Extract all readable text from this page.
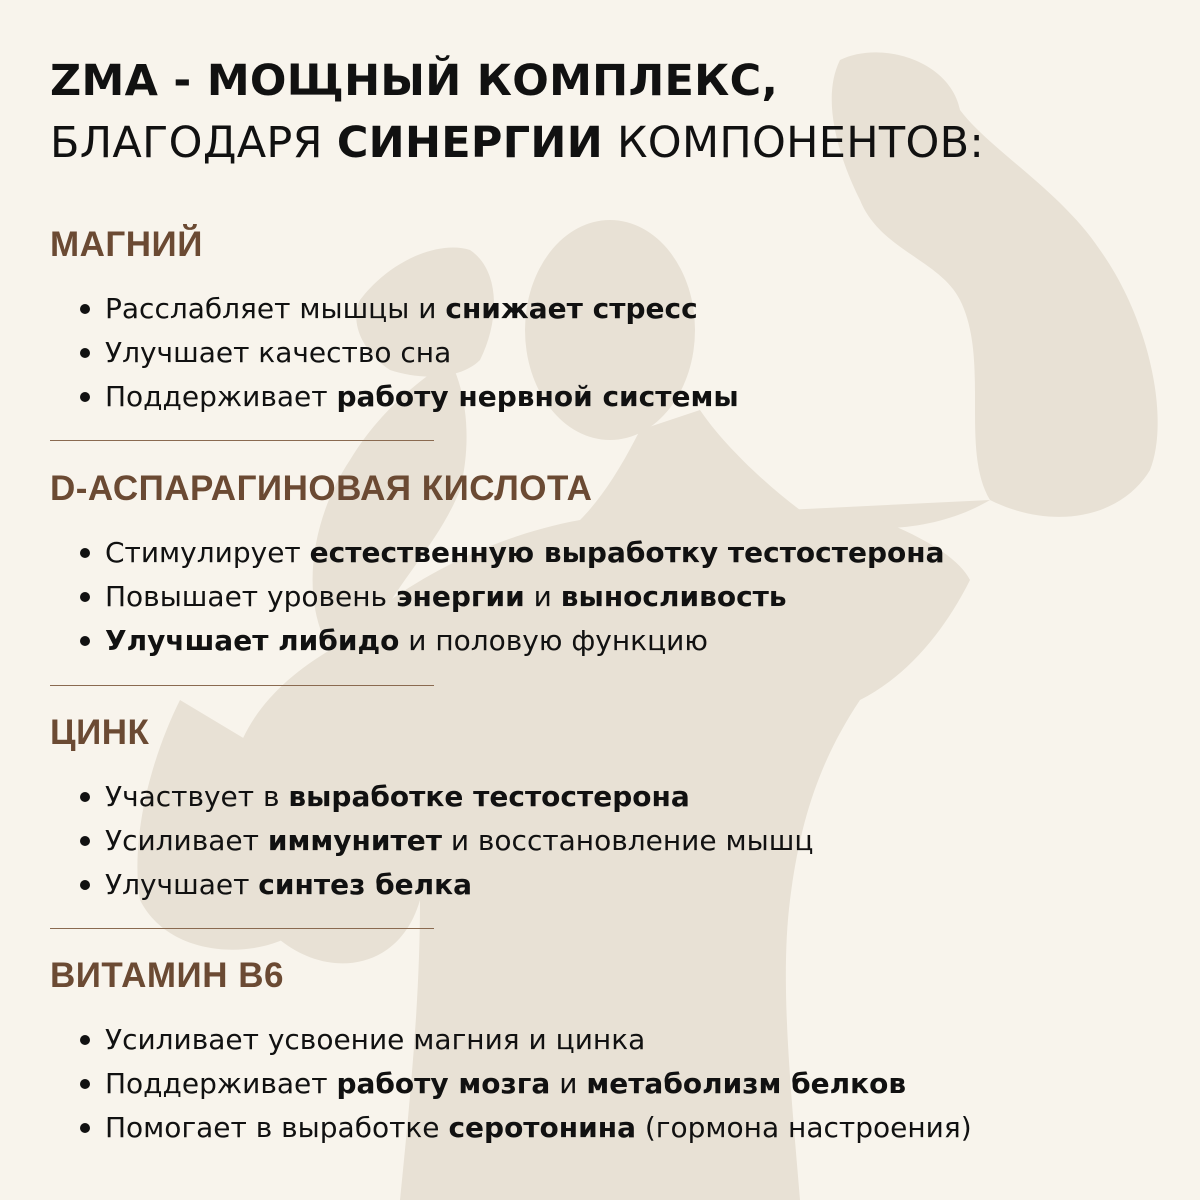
ZMA - МОЩНЫЙ КОМПЛЕКС,
БЛАГОДАРЯ СИНЕРГИИ КОМПОНЕНТОВ:
МАГНИЙ
Расслабляет мышцы и снижает стресс
Улучшает качество сна
Поддерживает работу нервной системы
D-АСПАРАГИНОВАЯ КИСЛОТА
Стимулирует естественную выработку тестостерона
Повышает уровень энергии и выносливость
Улучшает либидо и половую функцию
ЦИНК
Участвует в выработке тестостерона
Усиливает иммунитет и восстановление мышц
Улучшает синтез белка
ВИТАМИН В6
Усиливает усвоение магния и цинка
Поддерживает работу мозга и метаболизм белков
Помогает в выработке серотонина (гормона настроения)
